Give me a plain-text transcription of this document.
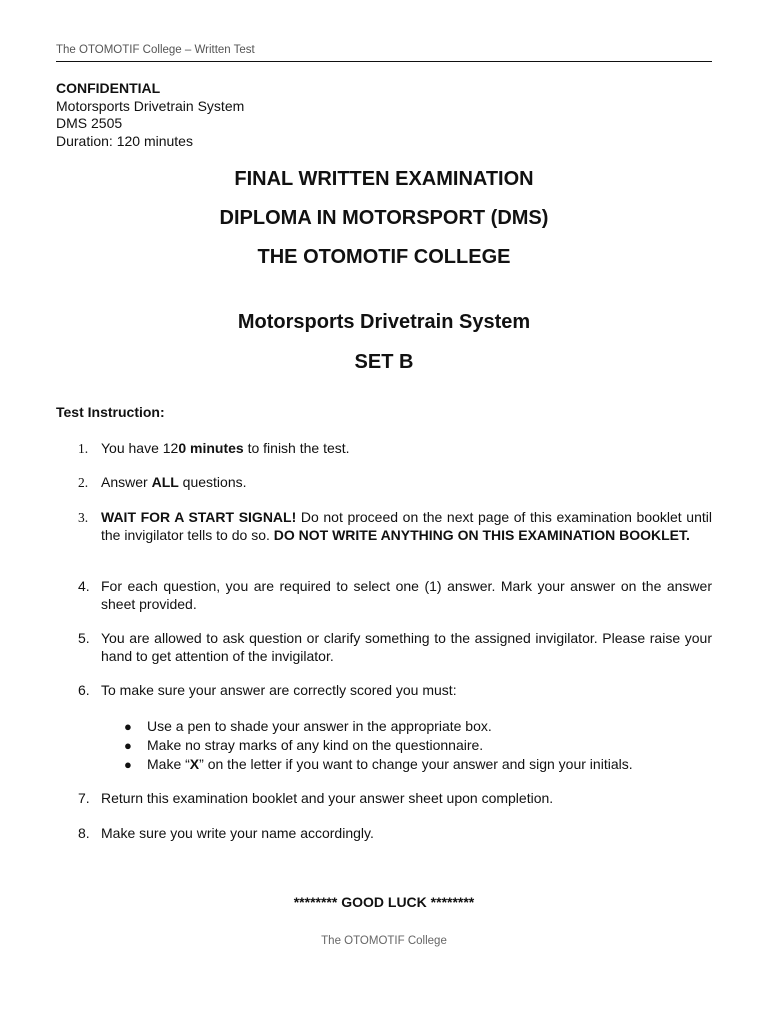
The OTOMOTIF College – Written Test
CONFIDENTIAL
Motorsports Drivetrain System
DMS 2505
Duration: 120 minutes
FINAL WRITTEN EXAMINATION
DIPLOMA IN MOTORSPORT (DMS)
THE OTOMOTIF COLLEGE
Motorsports Drivetrain System
SET B
Test Instruction:
1. You have 120 minutes to finish the test.
2. Answer ALL questions.
3. WAIT FOR A START SIGNAL! Do not proceed on the next page of this examination booklet until the invigilator tells to do so. DO NOT WRITE ANYTHING ON THIS EXAMINATION BOOKLET.
4. For each question, you are required to select one (1) answer. Mark your answer on the answer sheet provided.
5. You are allowed to ask question or clarify something to the assigned invigilator. Please raise your hand to get attention of the invigilator.
6. To make sure your answer are correctly scored you must:
● Use a pen to shade your answer in the appropriate box.
● Make no stray marks of any kind on the questionnaire.
● Make “X” on the letter if you want to change your answer and sign your initials.
7. Return this examination booklet and your answer sheet upon completion.
8. Make sure you write your name accordingly.
******** GOOD LUCK ********
The OTOMOTIF College
